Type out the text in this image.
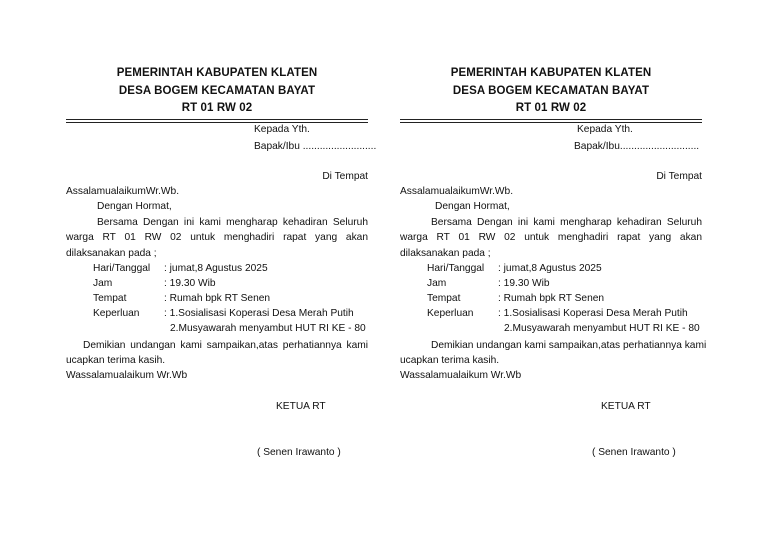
PEMERINTAH KABUPATEN KLATEN
DESA BOGEM KECAMATAN BAYAT
RT 01 RW 02
Kepada Yth.
Bapak/Ibu ..........................
Di Tempat
AssalamualaikumWr.Wb.
Dengan Hormat,
Bersama Dengan ini kami mengharap kehadiran Seluruh
warga RT 01 RW 02 untuk menghadiri rapat yang akan
dilaksanakan pada ;
Hari/Tanggal : jumat,8 Agustus 2025
Jam	: 19.30 Wib
Tempat	: Rumah bpk RT Senen
Keperluan : 1.Sosialisasi Koperasi Desa Merah Putih
2.Musyawarah menyambut HUT RI KE - 80
Demikian undangan kami sampaikan,atas perhatiannya kami
ucapkan terima kasih.
Wassalamualaikum Wr.Wb
KETUA RT
( Senen Irawanto )
PEMERINTAH KABUPATEN KLATEN
DESA BOGEM KECAMATAN BAYAT
RT 01 RW 02
Kepada Yth.
Bapak/Ibu............................
Di Tempat
AssalamualaikumWr.Wb.
Dengan Hormat,
Bersama Dengan ini kami mengharap kehadiran Seluruh
warga RT 01 RW 02 untuk menghadiri rapat yang akan
dilaksanakan pada ;
Hari/Tanggal : jumat,8 Agustus 2025
Jam	: 19.30 Wib
Tempat	: Rumah bpk RT Senen
Keperluan : 1.Sosialisasi Koperasi Desa Merah Putih
2.Musyawarah menyambut HUT RI KE - 80
Demikian undangan kami sampaikan,atas perhatiannya kami
ucapkan terima kasih.
Wassalamualaikum Wr.Wb
KETUA RT
( Senen Irawanto )
